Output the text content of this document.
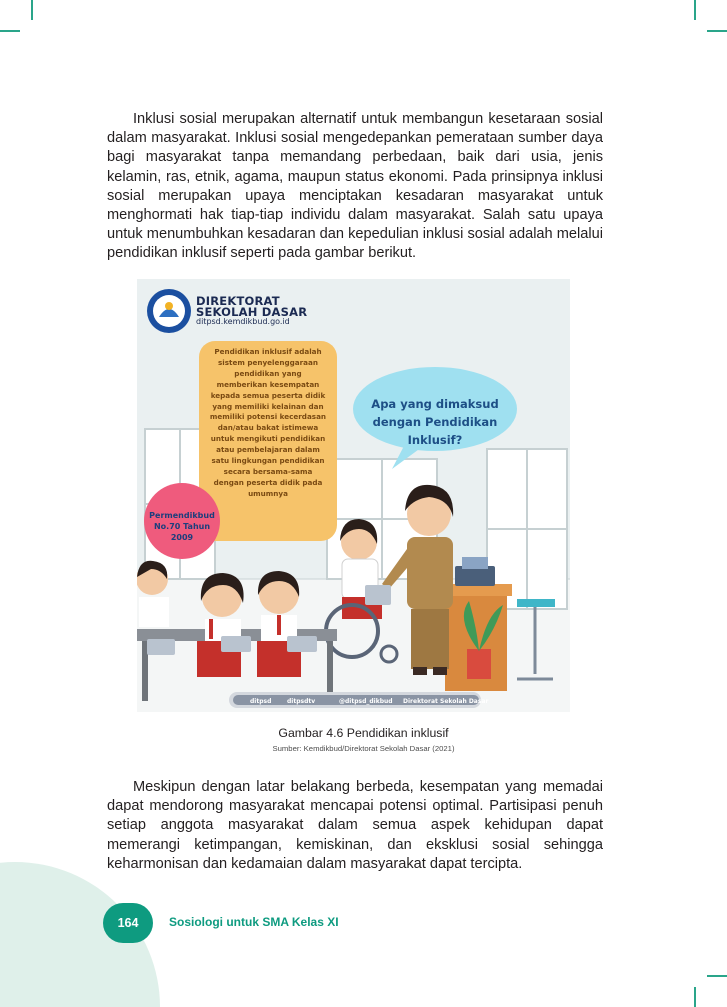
Inklusi sosial merupakan alternatif untuk membangun kesetaraan sosial dalam masyarakat. Inklusi sosial mengedepankan pemerataan sumber daya bagi masyarakat tanpa memandang perbedaan, baik dari usia, jenis kelamin, ras, etnik, agama, maupun status ekonomi. Pada prinsipnya inklusi sosial merupakan upaya menciptakan kesadaran masyarakat untuk menghormati hak tiap-tiap individu dalam masyarakat. Salah satu upaya untuk menumbuhkan kesadaran dan kepedulian inklusi sosial adalah melalui pendidikan inklusif seperti pada gambar berikut.

DIREKTORAT
SEKOLAH DASAR
ditpsd.kemdikbud.go.id
Pendidikan inklusif adalah sistem penyelenggaraan pendidikan yang memberikan kesempatan kepada semua peserta didik yang memiliki kelainan dan memiliki potensi kecerdasan dan/atau bakat istimewa untuk mengikuti pendidikan atau pembelajaran dalam satu lingkungan pendidikan secara bersama-sama dengan peserta didik pada umumnya
Apa yang dimaksud dengan Pendidikan Inklusif?
Permendikbud No.70 Tahun 2009
ditpsd	ditpsdtv	@ditpsd_dikbud Direktorat Sekolah Dasar
Gambar 4.6 Pendidikan inklusif
Sumber: Kemdikbud/Direktorat Sekolah Dasar (2021)

Meskipun dengan latar belakang berbeda, kesempatan yang memadai dapat mendorong masyarakat mencapai potensi optimal. Partisipasi penuh setiap anggota masyarakat dalam semua aspek kehidupan dapat memerangi ketimpangan, kemiskinan, dan eksklusi sosial sehingga keharmonisan dan kedamaian dalam masyarakat dapat tercipta.

164	Sosiologi untuk SMA Kelas XI
